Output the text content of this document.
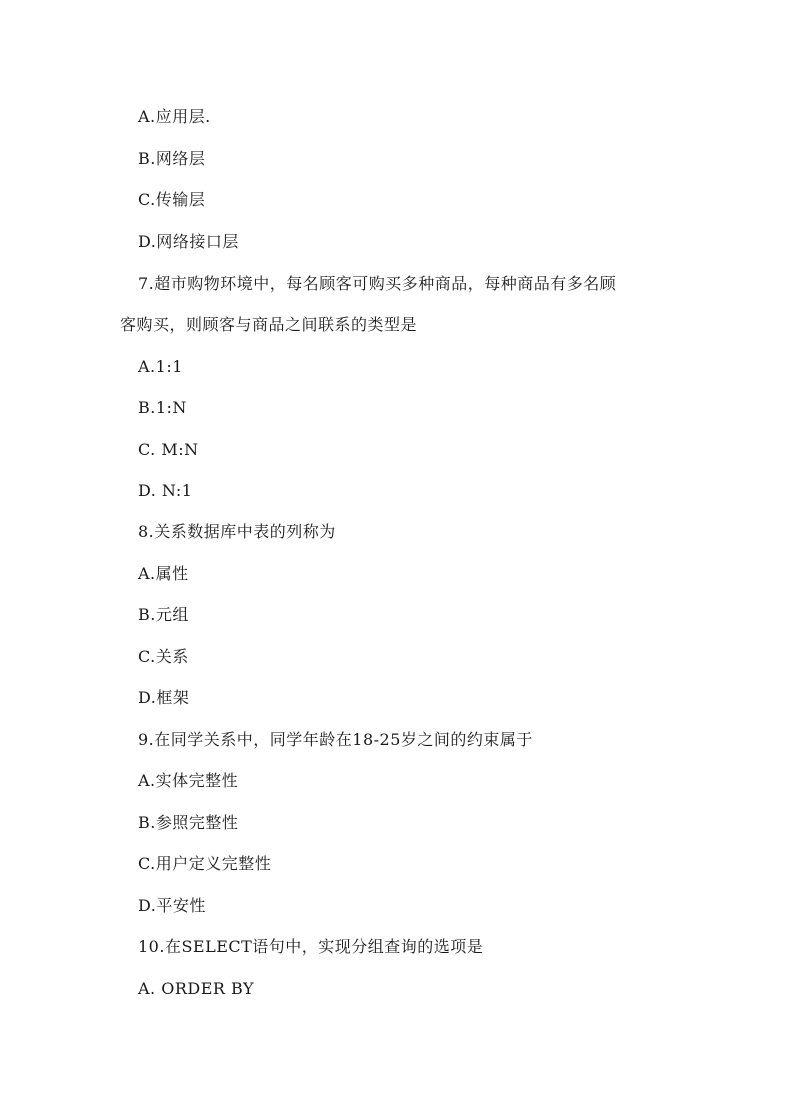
A.应用层.
B.网络层
C.传输层
D.网络接口层
7.超市购物环境中，每名顾客可购买多种商品，每种商品有多名顾
客购买，则顾客与商品之间联系的类型是
A.1:1
B.1:N
C. M:N
D. N:1
8.关系数据库中表的列称为
A.属性
B.元组
C.关系
D.框架
9.在同学关系中，同学年龄在18-25岁之间的约束属于
A.实体完整性
B.参照完整性
C.用户定义完整性
D.平安性
10.在SELECT语句中，实现分组查询的选项是
A. ORDER BY
